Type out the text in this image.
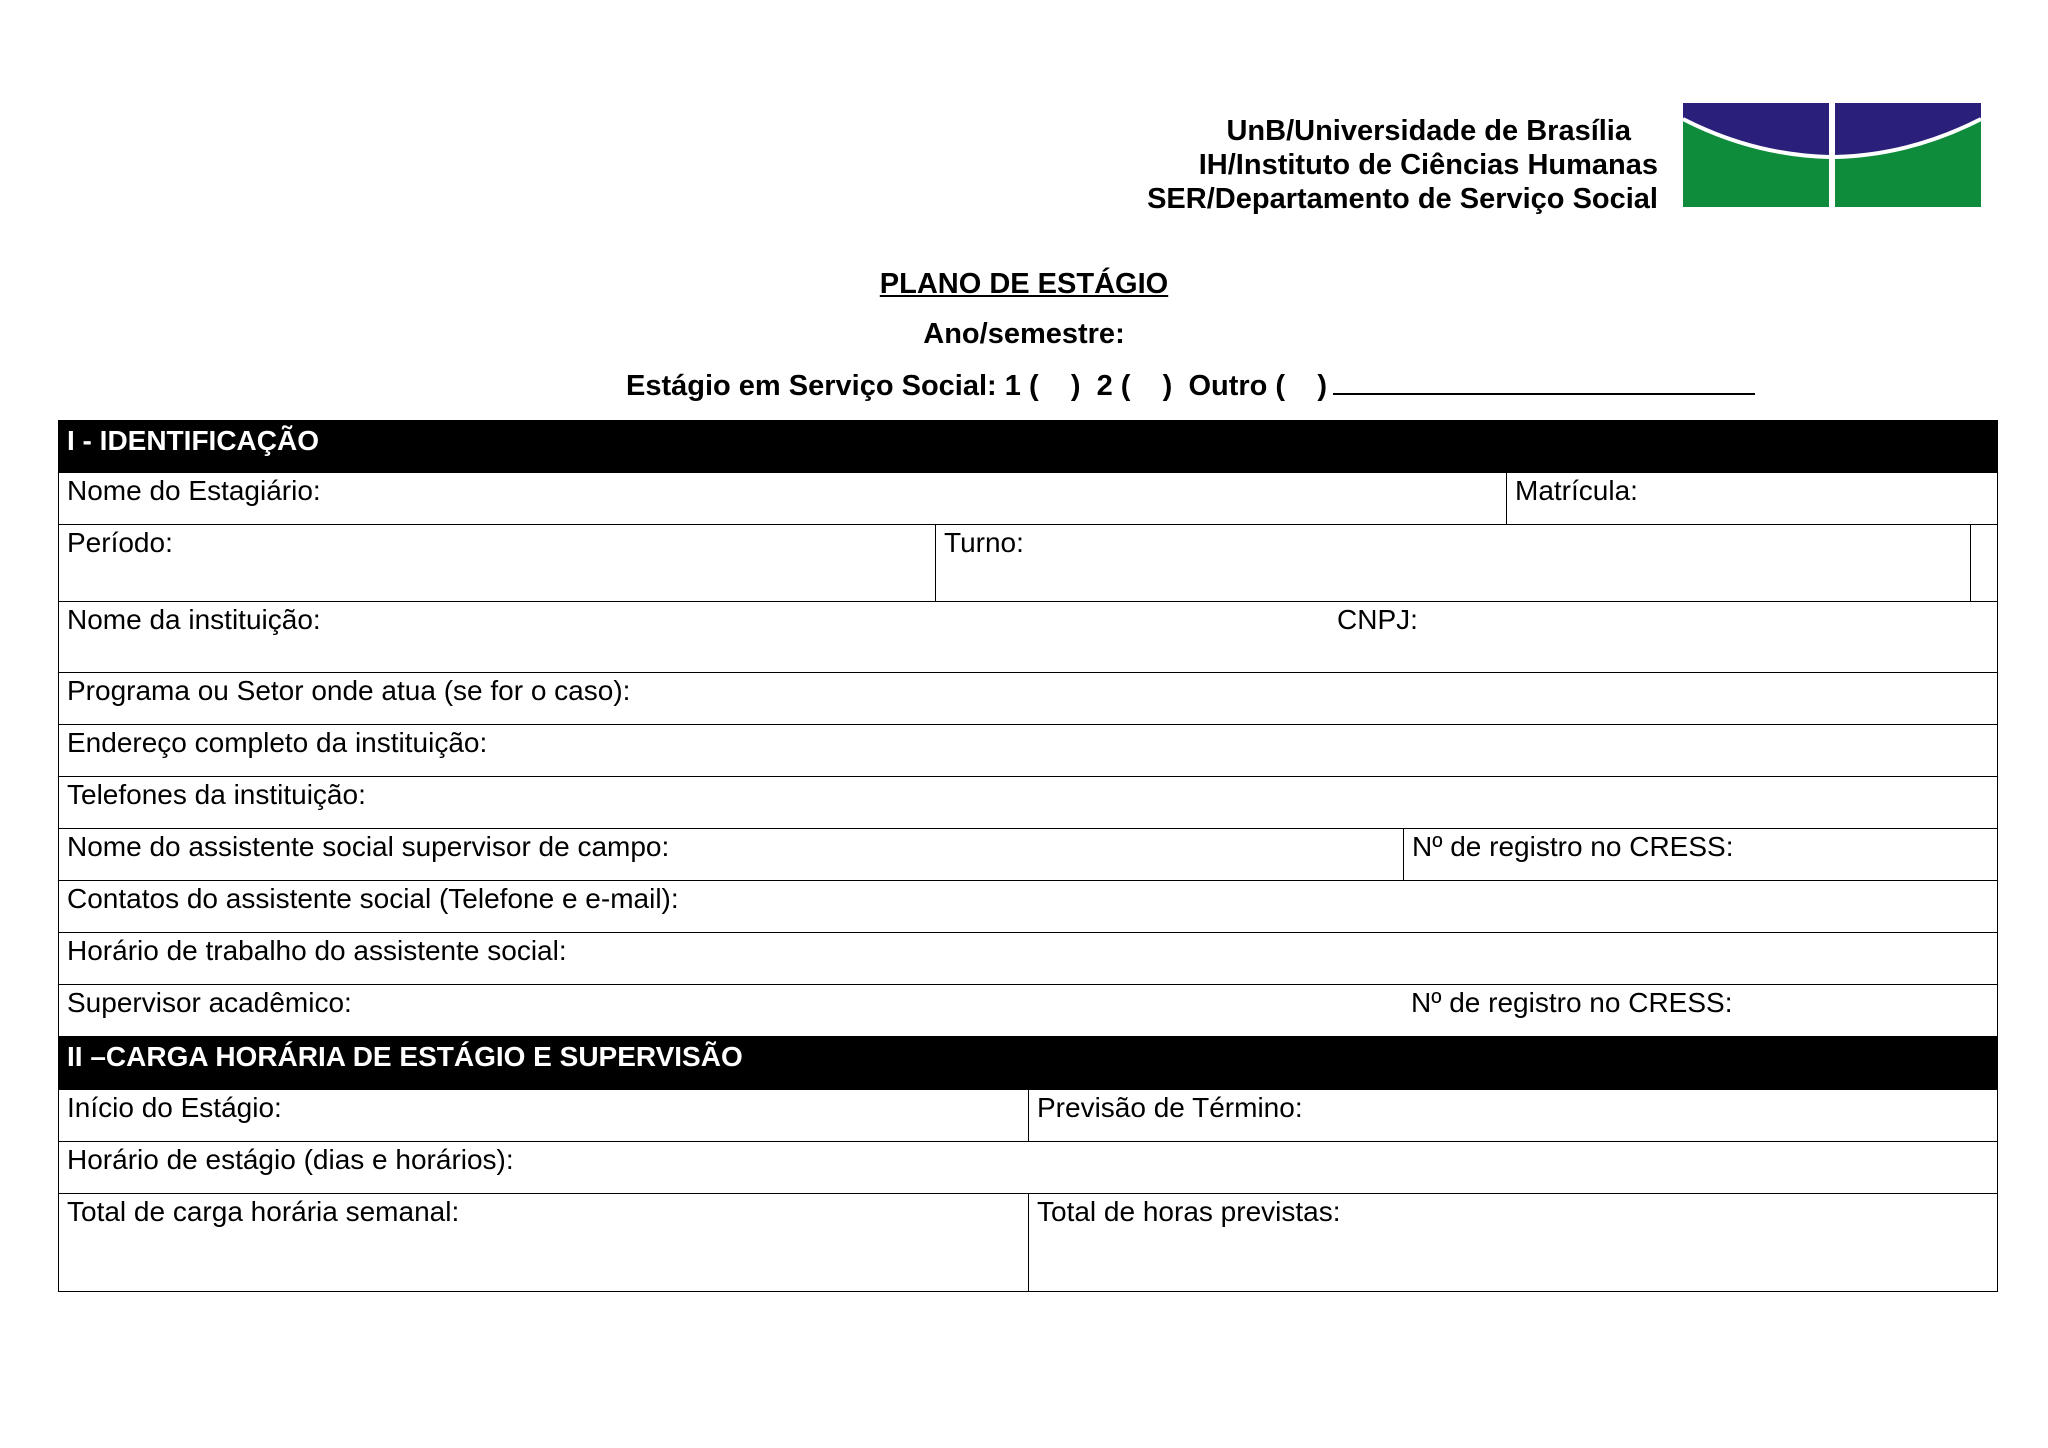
UnB/Universidade de Brasília
IH/Instituto de Ciências Humanas
SER/Departamento de Serviço Social
PLANO DE ESTÁGIO
Ano/semestre:
Estágio em Serviço Social: 1 (    )  2 (    )  Outro (    )
I - IDENTIFICAÇÃO
Nome do Estagiário:	Matrícula:
Período:	Turno:
Nome da instituição:	CNPJ:
Programa ou Setor onde atua (se for o caso):
Endereço completo da instituição:
Telefones da instituição:
Nome do assistente social supervisor de campo:	Nº de registro no CRESS:
Contatos do assistente social (Telefone e e-mail):
Horário de trabalho do assistente social:
Supervisor acadêmico:	Nº de registro no CRESS:
II –CARGA HORÁRIA DE ESTÁGIO E SUPERVISÃO
Início do Estágio:	Previsão de Término:
Horário de estágio (dias e horários):
Total de carga horária semanal:	Total de horas previstas:
